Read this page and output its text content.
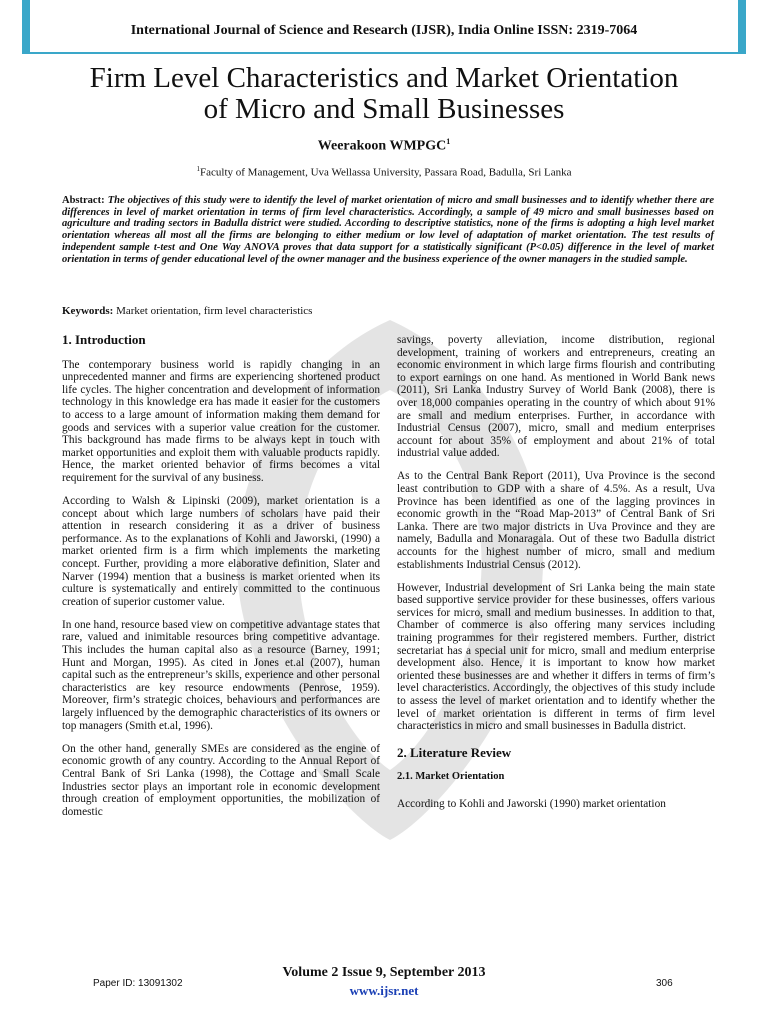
International Journal of Science and Research (IJSR), India Online ISSN: 2319-7064
Firm Level Characteristics and Market Orientation
of Micro and Small Businesses
Weerakoon WMPGC$^1$
$^1$Faculty of Management, Uva Wellassa University, Passara Road, Badulla, Sri Lanka
Abstract: The objectives of this study were to identify the level of market orientation of micro and small businesses and to identify whether there are differences in level of market orientation in terms of firm level characteristics. Accordingly, a sample of 49 micro and small businesses based on agriculture and trading sectors in Badulla district were studied. According to descriptive statistics, none of the firms is adopting a high level market orientation whereas all most all the firms are belonging to either medium or low level of adaptation of market orientation. The test results of independent sample t-test and One Way ANOVA proves that data support for a statistically significant (P<0.05) difference in the level of market orientation in terms of gender educational level of the owner manager and the business experience of the owner managers in the studied sample.
Keywords: Market orientation, firm level characteristics
1. Introduction

The contemporary business world is rapidly changing in an unprecedented manner and firms are experiencing shortened product life cycles. The higher concentration and development of information technology in this knowledge era has made it easier for the customers to access to a large amount of information making them demand for goods and services with a superior value creation for the customer. This background has made firms to be always kept in touch with market opportunities and exploit them with valuable products rapidly. Hence, the market oriented behavior of firms becomes a vital requirement for the survival of any business.

According to Walsh & Lipinski (2009), market orientation is a concept about which large numbers of scholars have paid their attention in research considering it as a driver of business performance. As to the explanations of Kohli and Jaworski, (1990) a market oriented firm is a firm which implements the marketing concept. Further, providing a more elaborative definition, Slater and Narver (1994) mention that a business is market oriented when its culture is systematically and entirely committed to the continuous creation of superior customer value.

In one hand, resource based view on competitive advantage states that rare, valued and inimitable resources bring competitive advantage. This includes the human capital also as a resource (Barney, 1991; Hunt and Morgan, 1995). As cited in Jones et.al (2007), human capital such as the entrepreneur’s skills, experience and other personal characteristics are key resource endowments (Penrose, 1959). Moreover, firm’s strategic choices, behaviours and performances are largely influenced by the demographic characteristics of its owners or top managers (Smith et.al, 1996).

On the other hand, generally SMEs are considered as the engine of economic growth of any country. According to the Annual Report of Central Bank of Sri Lanka (1998), the Cottage and Small Scale Industries sector plays an important role in economic development through creation of employment opportunities, the mobilization of domestic

savings, poverty alleviation, income distribution, regional development, training of workers and entrepreneurs, creating an economic environment in which large firms flourish and contributing to export earnings on one hand. As mentioned in World Bank news (2011), Sri Lanka Industry Survey of World Bank (2008), there is over 18,000 companies operating in the country of which about 91% are small and medium enterprises. Further, in accordance with Industrial Census (2007), micro, small and medium enterprises account for about 35% of employment and about 21% of total industrial value added.

As to the Central Bank Report (2011), Uva Province is the second least contribution to GDP with a share of 4.5%. As a result, Uva Province has been identified as one of the lagging provinces in economic growth in the “Road Map-2013” of Central Bank of Sri Lanka. There are two major districts in Uva Province and they are namely, Badulla and Monaragala. Out of these two Badulla district accounts for the highest number of micro, small and medium establishments Industrial Census (2012).

However, Industrial development of Sri Lanka being the main state based supportive service provider for these businesses, offers various services for micro, small and medium businesses. In addition to that, Chamber of commerce is also offering many services including training programmes for their registered members. Further, district secretariat has a special unit for micro, small and medium enterprise development also. Hence, it is important to know how market oriented these businesses are and whether it differs in terms of firm’s level characteristics. Accordingly, the objectives of this study include to assess the level of market orientation and to identify whether the level of market orientation is different in terms of firm level characteristics in micro and small businesses in Badulla district.

2. Literature Review
2.1. Market Orientation

According to Kohli and Jaworski (1990) market orientation

Volume 2 Issue 9, September 2013
www.ijsr.net
Paper ID: 13091302	306
